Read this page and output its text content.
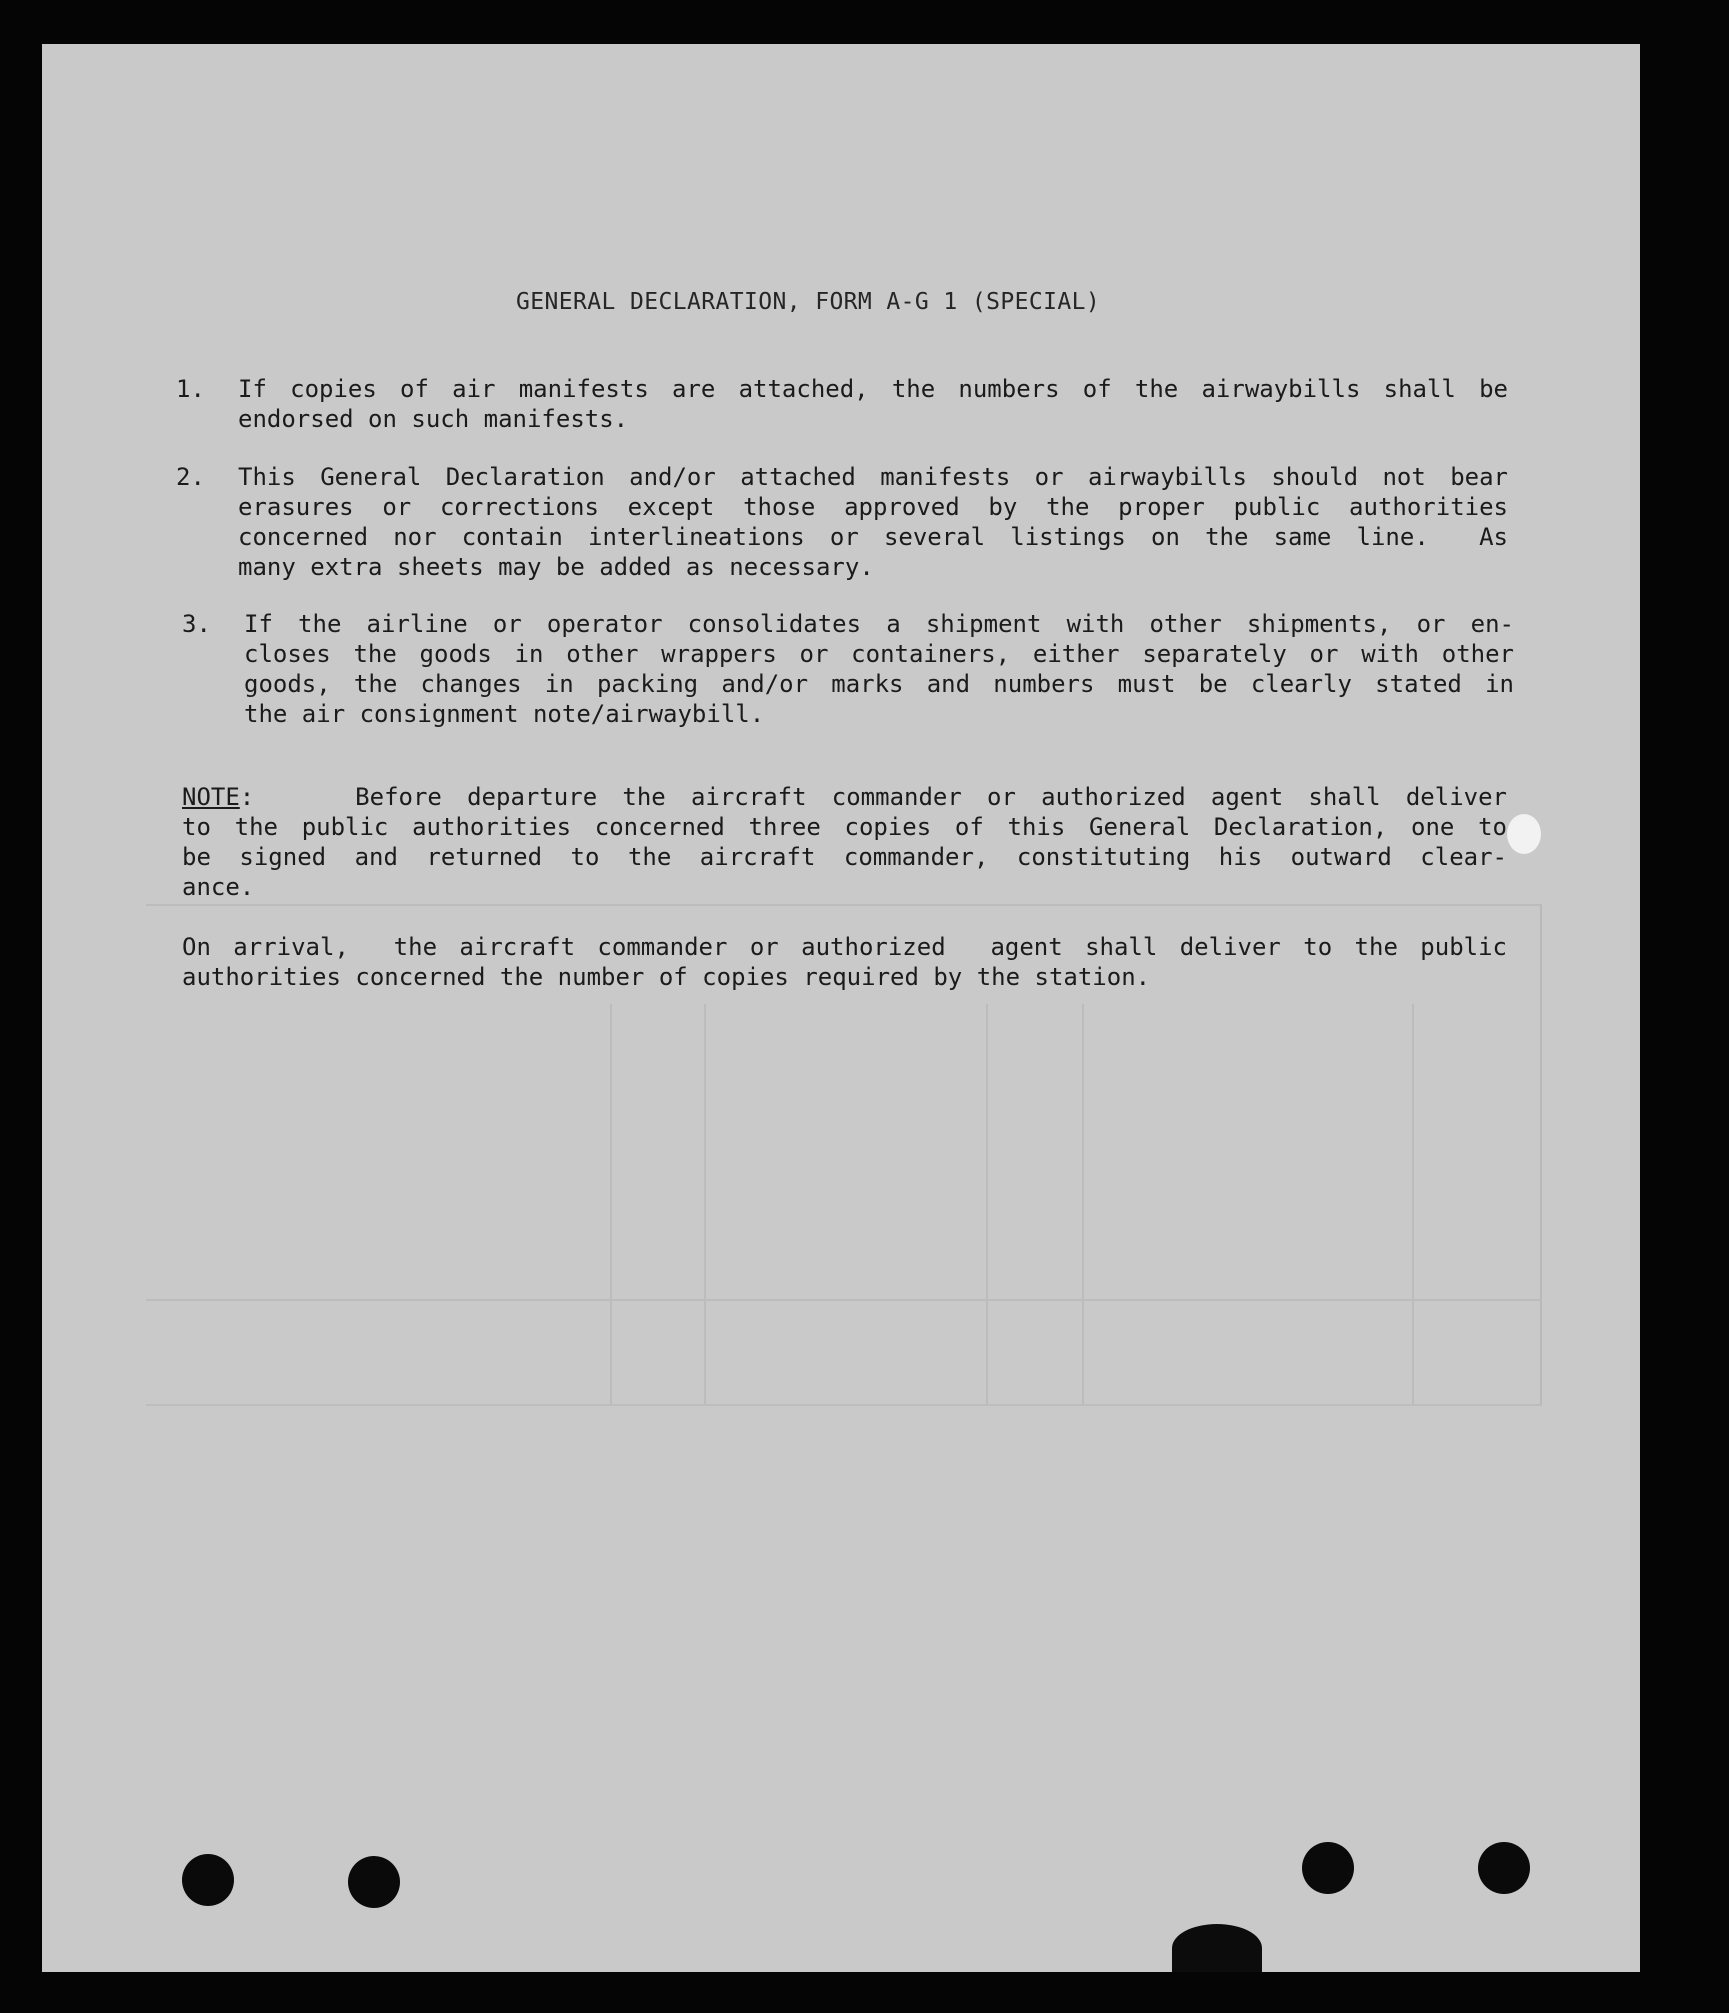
GENERAL DECLARATION, FORM A-G 1 (SPECIAL)
1. If copies of air manifests are attached, the numbers of the airwaybills shall be
endorsed on such manifests.
2. This General Declaration and/or attached manifests or airwaybills should not bear
erasures or corrections except those approved by the proper public authorities
concerned nor contain interlineations or several listings on the same line.  As
many extra sheets may be added as necessary.
3. If the airline or operator consolidates a shipment with other shipments, or en-
closes the goods in other wrappers or containers, either separately or with other
goods, the changes in packing and/or marks and numbers must be clearly stated in
the air consignment note/airwaybill.
NOTE:    Before departure the aircraft commander or authorized agent shall deliver
to the public authorities concerned three copies of this General Declaration, one to
be signed and returned to the aircraft commander, constituting his outward clear-
ance.
On arrival,  the aircraft commander or authorized  agent shall deliver to the public
authorities concerned the number of copies required by the station.
